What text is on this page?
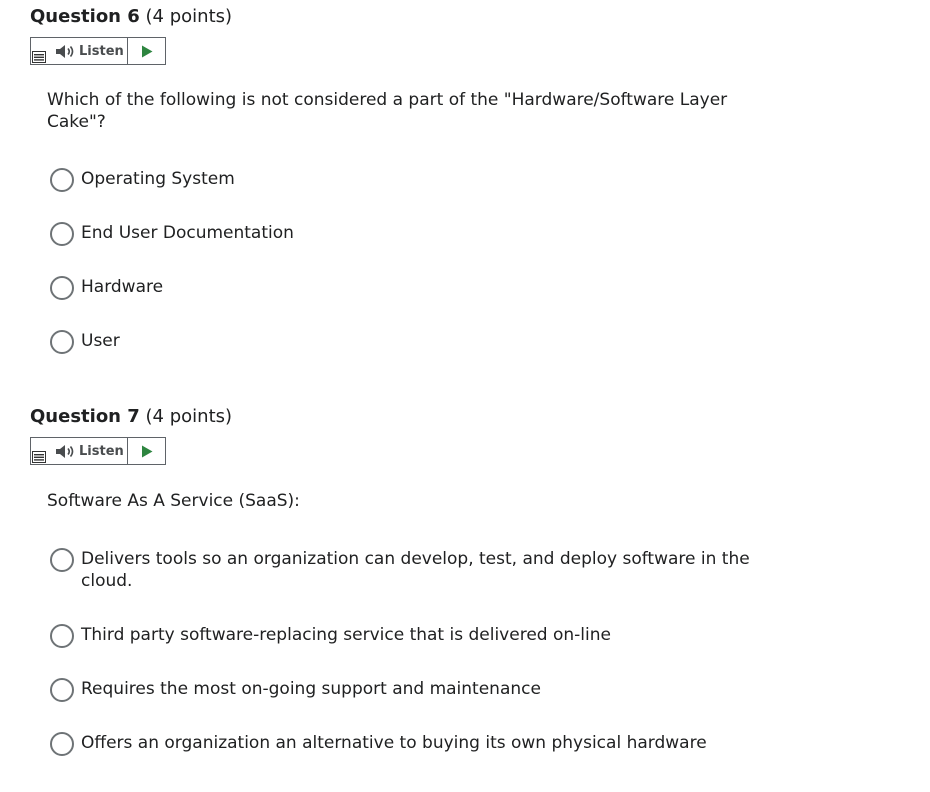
Question 6 (4 points)
Listen
Which of the following is not considered a part of the "Hardware/Software Layer Cake"?
Operating System
End User Documentation
Hardware
User
Question 7 (4 points)
Listen
Software As A Service (SaaS):
Delivers tools so an organization can develop, test, and deploy software in the cloud.
Third party software-replacing service that is delivered on-line
Requires the most on-going support and maintenance
Offers an organization an alternative to buying its own physical hardware
